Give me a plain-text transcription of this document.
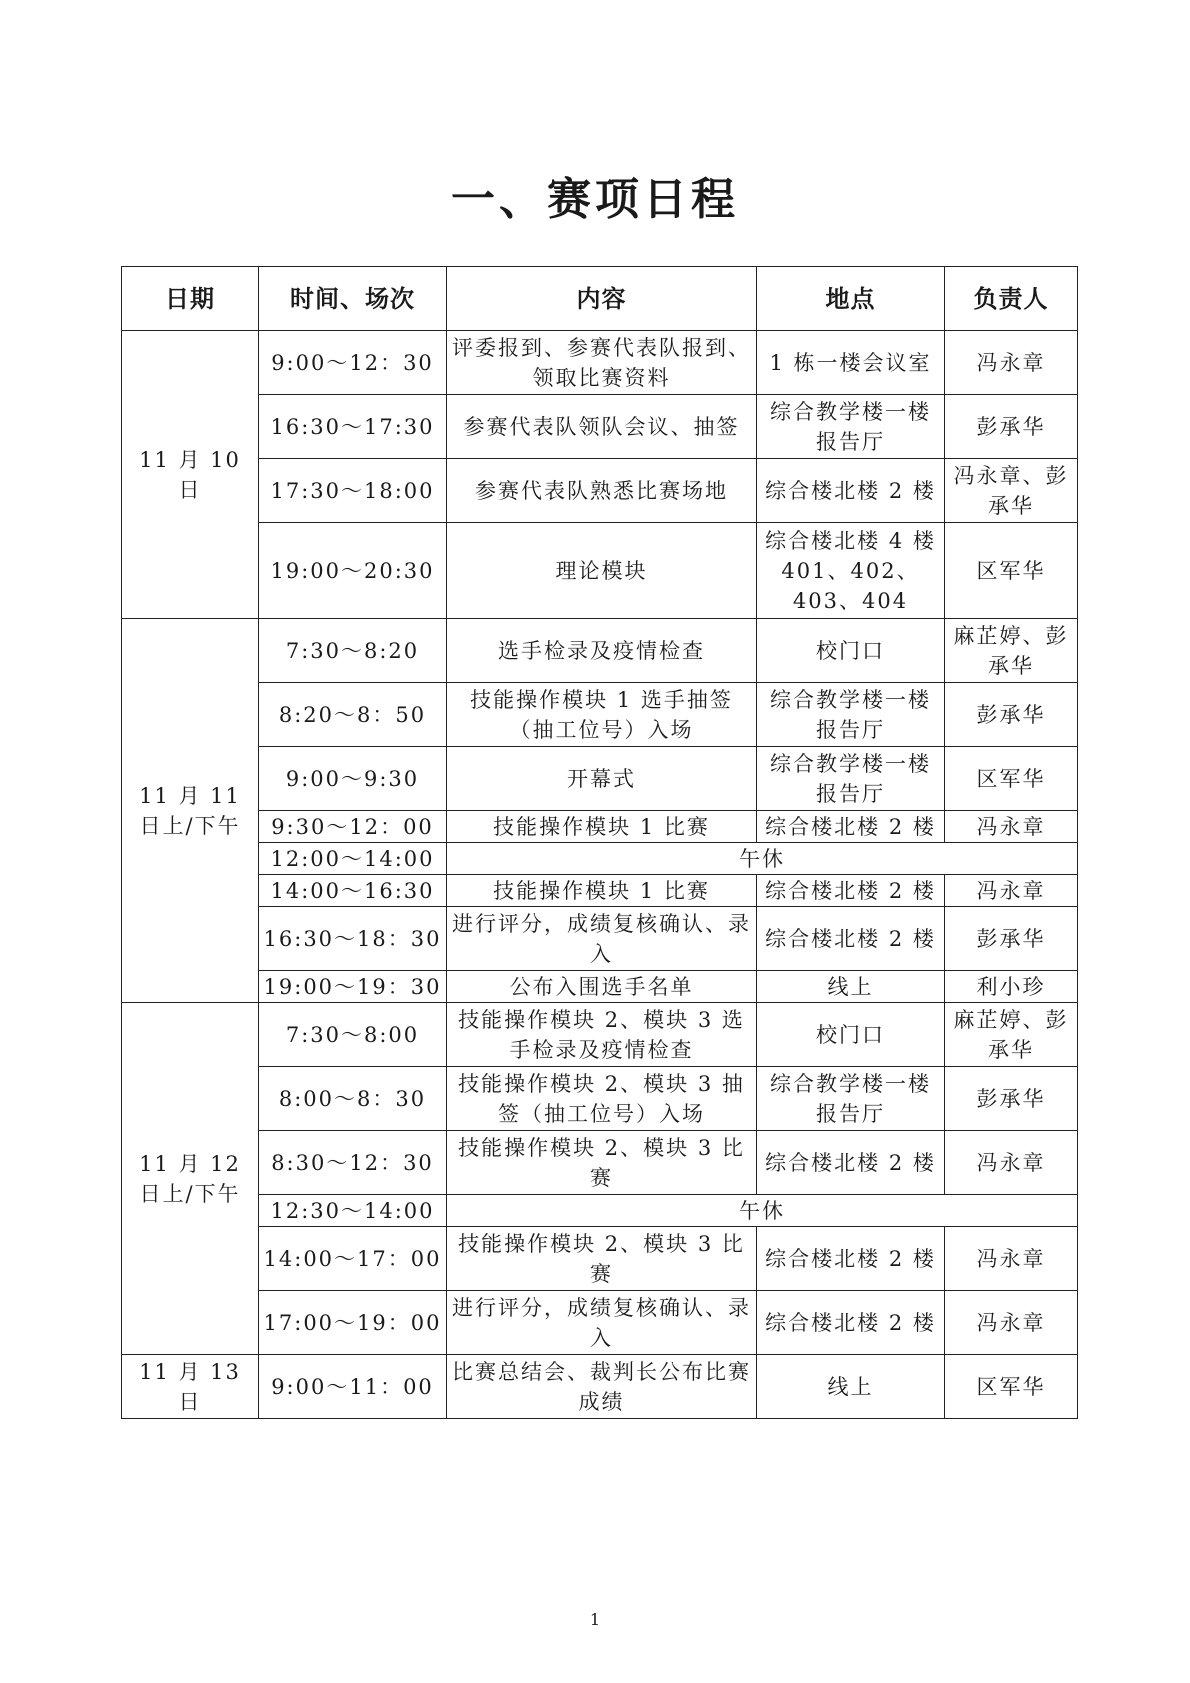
一、赛项日程
日期	时间、场次	内容	地点	负责人
11 月 10 日	9:00～12：30	评委报到、参赛代表队报到、领取比赛资料	1 栋一楼会议室	冯永章
	16:30～17:30	参赛代表队领队会议、抽签	综合教学楼一楼报告厅	彭承华
	17:30～18:00	参赛代表队熟悉比赛场地	综合楼北楼 2 楼	冯永章、彭承华
	19:00～20:30	理论模块	综合楼北楼 4 楼 401、402、403、404	区军华
11 月 11 日上/下午	7:30～8:20	选手检录及疫情检查	校门口	麻芷婷、彭承华
	8:20～8：50	技能操作模块 1 选手抽签（抽工位号）入场	综合教学楼一楼报告厅	彭承华
	9:00～9:30	开幕式	综合教学楼一楼报告厅	区军华
	9:30～12：00	技能操作模块 1 比赛	综合楼北楼 2 楼	冯永章
	12:00～14:00	午休		
	14:00～16:30	技能操作模块 1 比赛	综合楼北楼 2 楼	冯永章
	16:30～18：30	进行评分，成绩复核确认、录入	综合楼北楼 2 楼	彭承华
	19:00～19：30	公布入围选手名单	线上	利小珍
11 月 12 日上/下午	7:30～8:00	技能操作模块 2、模块 3 选手检录及疫情检查	校门口	麻芷婷、彭承华
	8:00～8：30	技能操作模块 2、模块 3 抽签（抽工位号）入场	综合教学楼一楼报告厅	彭承华
	8:30～12：30	技能操作模块 2、模块 3 比赛	综合楼北楼 2 楼	冯永章
	12:30～14:00	午休		
	14:00～17：00	技能操作模块 2、模块 3 比赛	综合楼北楼 2 楼	冯永章
	17:00～19：00	进行评分，成绩复核确认、录入	综合楼北楼 2 楼	冯永章
11 月 13 日	9:00～11：00	比赛总结会、裁判长公布比赛成绩	线上	区军华
1
